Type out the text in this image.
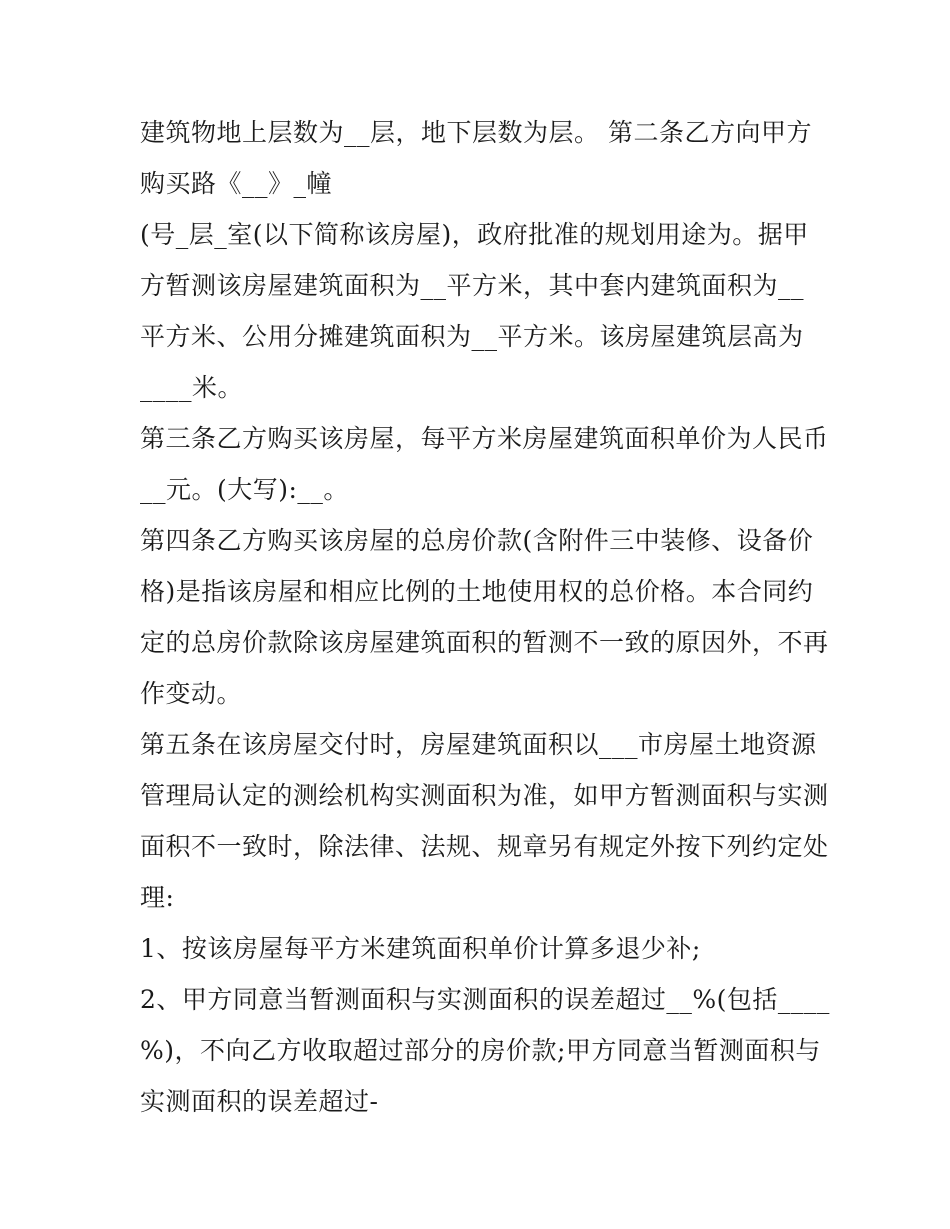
建筑物地上层数为__层，地下层数为层。 第二条乙方向甲方
购买路《__》_幢
(号_层_室(以下简称该房屋)，政府批准的规划用途为。据甲
方暂测该房屋建筑面积为__平方米，其中套内建筑面积为__
平方米、公用分摊建筑面积为__平方米。该房屋建筑层高为
____米。
第三条乙方购买该房屋，每平方米房屋建筑面积单价为人民币
__元。(大写):__。
第四条乙方购买该房屋的总房价款(含附件三中装修、设备价
格)是指该房屋和相应比例的土地使用权的总价格。本合同约
定的总房价款除该房屋建筑面积的暂测不一致的原因外，不再
作变动。
第五条在该房屋交付时，房屋建筑面积以___市房屋土地资源
管理局认定的测绘机构实测面积为准，如甲方暂测面积与实测
面积不一致时，除法律、法规、规章另有规定外按下列约定处
理:
1、按该房屋每平方米建筑面积单价计算多退少补;
2、甲方同意当暂测面积与实测面积的误差超过__%(包括____
%)，不向乙方收取超过部分的房价款;甲方同意当暂测面积与
实测面积的误差超过-
